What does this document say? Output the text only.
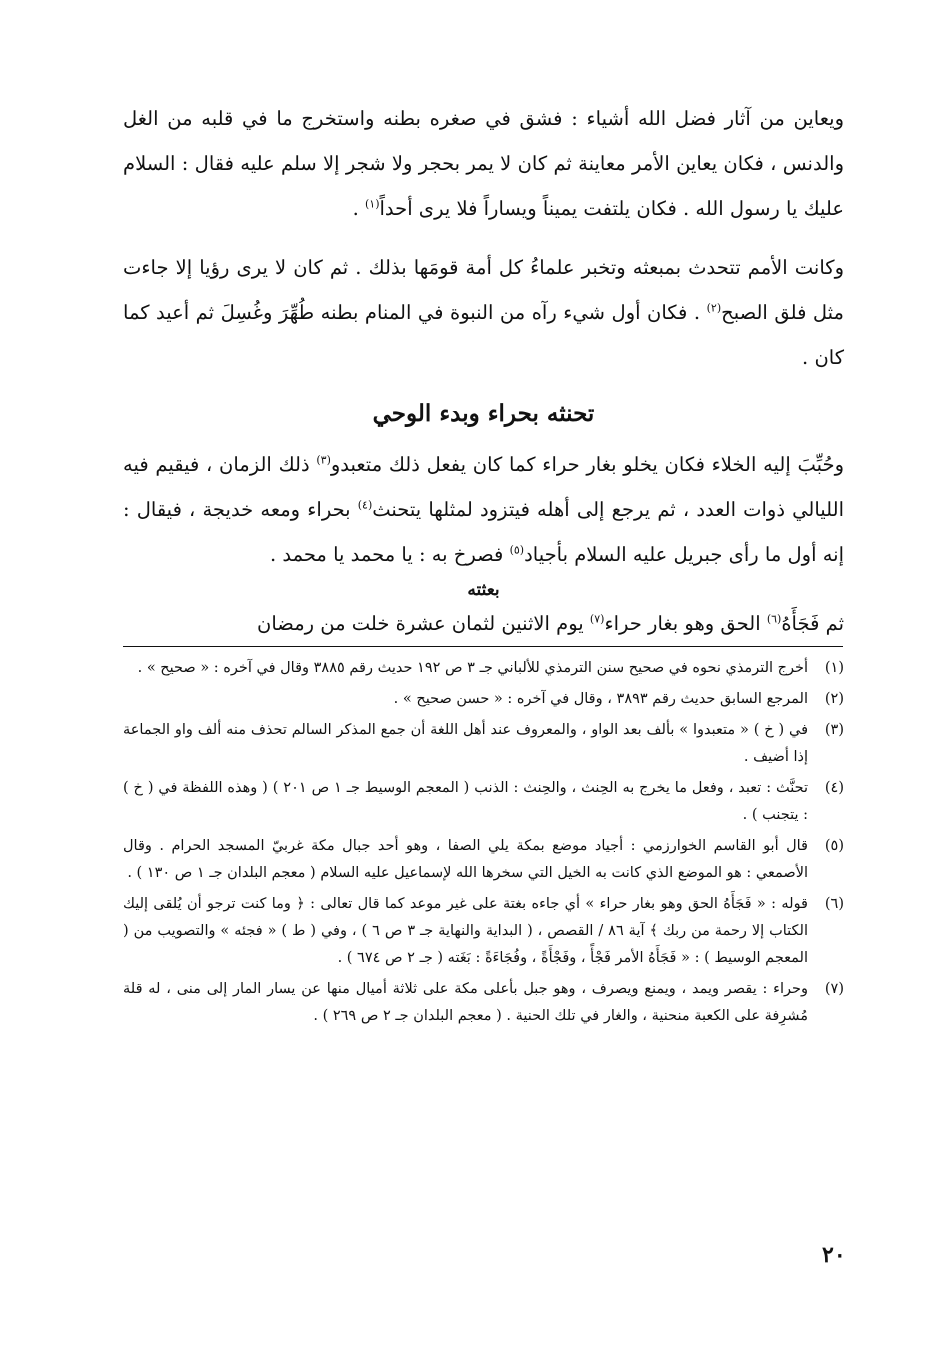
ويعاين من آثار فضل الله أشياء : فشق في صغره بطنه واستخرج ما في قلبه من الغل والدنس ، فكان يعاين الأمر معاينة ثم كان لا يمر بحجر ولا شجر إلا سلم عليه فقال : السلام عليك يا رسول الله . فكان يلتفت يميناً ويساراً فلا يرى أحداً$^{(١)}$ .

وكانت الأمم تتحدث بمبعثه وتخبر علماءُ كل أمة قومَها بذلك . ثم كان لا يرى رؤيا إلا جاءت مثل فلق الصبح$^{(٢)}$ . فكان أول شيء رآه من النبوة في المنام بطنه طُهِّرَ وغُسِلَ ثم أعيد كما كان .

تحنثه بحراء وبدء الوحي

وحُبِّبَ إليه الخلاء فكان يخلو بغار حراء كما كان يفعل ذلك متعبدو$^{(٣)}$ ذلك الزمان ، فيقيم فيه الليالي ذوات العدد ، ثم يرجع إلى أهله فيتزود لمثلها يتحنث$^{(٤)}$ بحراء ومعه خديجة ، فيقال : إنه أول ما رأى جبريل عليه السلام بأجياد$^{(٥)}$ فصرخ به : يا محمد يا محمد .

بعثته
ثم فَجَأَهُ$^{(٦)}$ الحق وهو بغار حراء$^{(٧)}$ يوم الاثنين لثمان عشرة خلت من رمضان
(١)
أخرج الترمذي نحوه في صحيح سنن الترمذي للألباني جـ ٣ ص ١٩٢ حديث رقم ٣٨٨٥ وقال في آخره : « صحيح » .
(٢)
المرجع السابق حديث رقم ٣٨٩٣ ، وقال في آخره : « حسن صحيح » .
(٣)
في ( خ ) « متعبدوا » بألف بعد الواو ، والمعروف عند أهل اللغة أن جمع المذكر السالم تحذف منه ألف واو الجماعة إذا أضيف .
(٤)
تحنَّث : تعبد ، وفعل ما يخرج به الحِنث ، والحِنث : الذنب ( المعجم الوسيط جـ ١ ص ٢٠١ ) ( وهذه اللفظة في ( خ ) : يتجنب ) .
(٥)
قال أبو القاسم الخوارزمي : أجياد موضع بمكة يلي الصفا ، وهو أحد جبال مكة غربيّ المسجد الحرام . وقال الأصمعي : هو الموضع الذي كانت به الخيل التي سخرها الله لإسماعيل عليه السلام ( معجم البلدان جـ ١ ص ١٣٠ ) .
(٦)
قوله : « فَجَأَهُ الحق وهو بغار حراء » أي جاءه بغتة على غير موعد كما قال تعالى : ﴿ وما كنت ترجو أن يُلقى إليك الكتاب إلا رحمة من ربك ﴾ آية ٨٦ / القصص ، ( البداية والنهاية جـ ٣ ص ٦ ) ، وفي ( ط ) « فجئه » والتصويب من ( المعجم الوسيط ) : « فَجَأَهُ الأمر فَجْأً ، وفَجْأَةً ، وفُجَاءَةً : بَغَته ( جـ ٢ ص ٦٧٤ ) .
(٧)
وحراء : يقصر ويمد ، ويمنع ويصرف ، وهو جبل بأعلى مكة على ثلاثة أميال منها عن يسار المار إلى منى ، له قلة مُشرِفة على الكعبة منحنية ، والغار في تلك الحنية . ( معجم البلدان جـ ٢ ص ٢٦٩ ) .
٢٠
